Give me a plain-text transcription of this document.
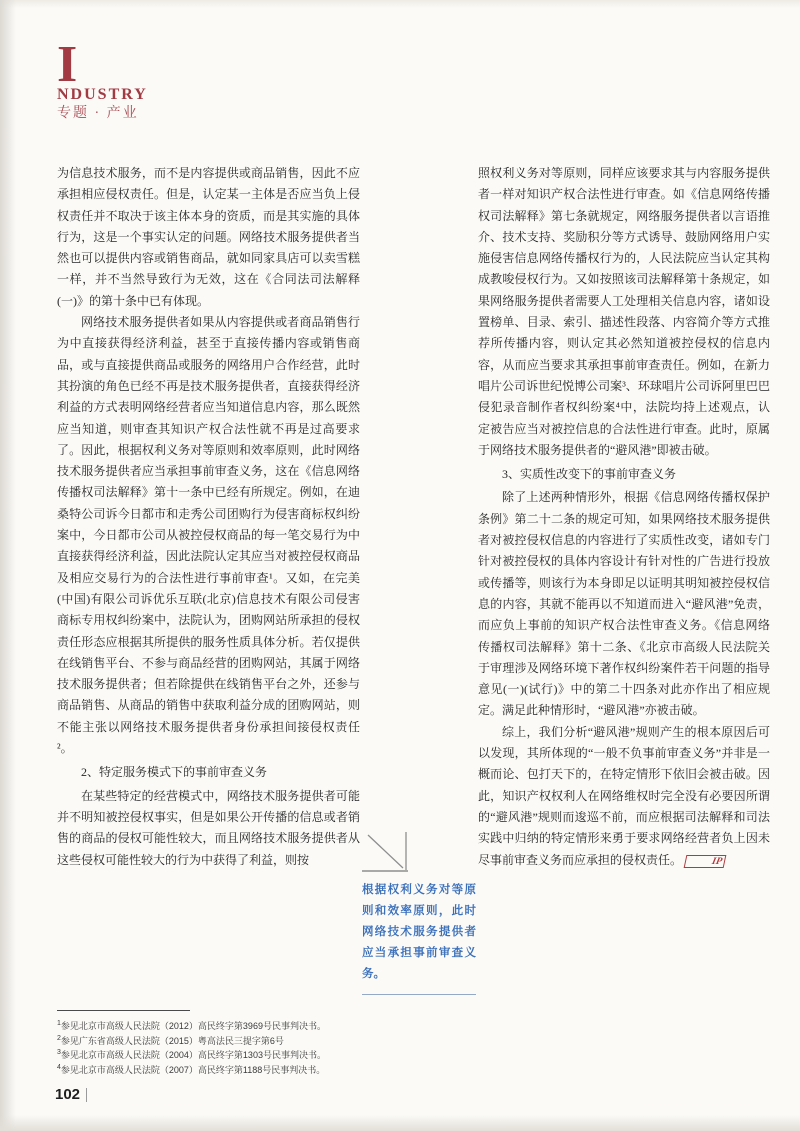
I
NDUSTRY
专题 · 产业

为信息技术服务，而不是内容提供或商品销售，因此不应承担相应侵权责任。但是，认定某一主体是否应当负上侵权责任并不取决于该主体本身的资质，而是其实施的具体行为，这是一个事实认定的问题。网络技术服务提供者当然也可以提供内容或销售商品，就如同家具店可以卖雪糕一样，并不当然导致行为无效，这在《合同法司法解释(一)》的第十条中已有体现。

网络技术服务提供者如果从内容提供或者商品销售行为中直接获得经济利益，甚至于直接传播内容或销售商品，或与直接提供商品或服务的网络用户合作经营，此时其扮演的角色已经不再是技术服务提供者，直接获得经济利益的方式表明网络经营者应当知道信息内容，那么既然应当知道，则审查其知识产权合法性就不再是过高要求了。因此，根据权利义务对等原则和效率原则，此时网络技术服务提供者应当承担事前审查义务，这在《信息网络传播权司法解释》第十一条中已经有所规定。例如，在迪桑特公司诉今日都市和走秀公司团购行为侵害商标权纠纷案中，今日都市公司从被控侵权商品的每一笔交易行为中直接获得经济利益，因此法院认定其应当对被控侵权商品及相应交易行为的合法性进行事前审查¹。又如，在完美(中国)有限公司诉优乐互联(北京)信息技术有限公司侵害商标专用权纠纷案中，法院认为，团购网站所承担的侵权责任形态应根据其所提供的服务性质具体分析。若仅提供在线销售平台、不参与商品经营的团购网站，其属于网络技术服务提供者；但若除提供在线销售平台之外，还参与商品销售、从商品的销售中获取利益分成的团购网站，则不能主张以网络技术服务提供者身份承担间接侵权责任²。

2、特定服务模式下的事前审查义务

在某些特定的经营模式中，网络技术服务提供者可能并不明知被控侵权事实，但是如果公开传播的信息或者销售的商品的侵权可能性较大，而且网络技术服务提供者从这些侵权可能性较大的行为中获得了利益，则按

照权利义务对等原则，同样应该要求其与内容服务提供者一样对知识产权合法性进行审查。如《信息网络传播权司法解释》第七条就规定，网络服务提供者以言语推介、技术支持、奖励积分等方式诱导、鼓励网络用户实施侵害信息网络传播权行为的，人民法院应当认定其构成教唆侵权行为。又如按照该司法解释第十条规定，如果网络服务提供者需要人工处理相关信息内容，诸如设置榜单、目录、索引、描述性段落、内容简介等方式推荐所传播内容，则认定其必然知道被控侵权的信息内容，从而应当要求其承担事前审查责任。例如，在新力唱片公司诉世纪悦博公司案³、环球唱片公司诉阿里巴巴侵犯录音制作者权纠纷案⁴中，法院均持上述观点，认定被告应当对被控信息的合法性进行审查。此时，原属于网络技术服务提供者的“避风港”即被击破。

3、实质性改变下的事前审查义务

除了上述两种情形外，根据《信息网络传播权保护条例》第二十二条的规定可知，如果网络技术服务提供者对被控侵权信息的内容进行了实质性改变，诸如专门针对被控侵权的具体内容设计有针对性的广告进行投放或传播等，则该行为本身即足以证明其明知被控侵权信息的内容，其就不能再以不知道而进入“避风港”免责，而应负上事前的知识产权合法性审查义务。《信息网络传播权司法解释》第十二条、《北京市高级人民法院关于审理涉及网络环境下著作权纠纷案件若干问题的指导意见(一)(试行)》中的第二十四条对此亦作出了相应规定。满足此种情形时，“避风港”亦被击破。

综上，我们分析“避风港”规则产生的根本原因后可以发现，其所体现的“一般不负事前审查义务”并非是一概而论、包打天下的，在特定情形下依旧会被击破。因此，知识产权权利人在网络维权时完全没有必要因所谓的“避风港”规则而逡巡不前，而应根据司法解释和司法实践中归纳的特定情形来勇于要求网络经营者负上因未尽事前审查义务而应承担的侵权责任。	IP

根据权利义务对等原则和效率原则，此时网络技术服务提供者应当承担事前审查义务。
$^1$参见北京市高级人民法院（2012）高民终字第3969号民事判决书。
$^2$参见广东省高级人民法院（2015）粤高法民三提字第6号
$^3$参见北京市高级人民法院（2004）高民终字第1303号民事判决书。
$^4$参见北京市高级人民法院（2007）高民终字第1188号民事判决书。
102
